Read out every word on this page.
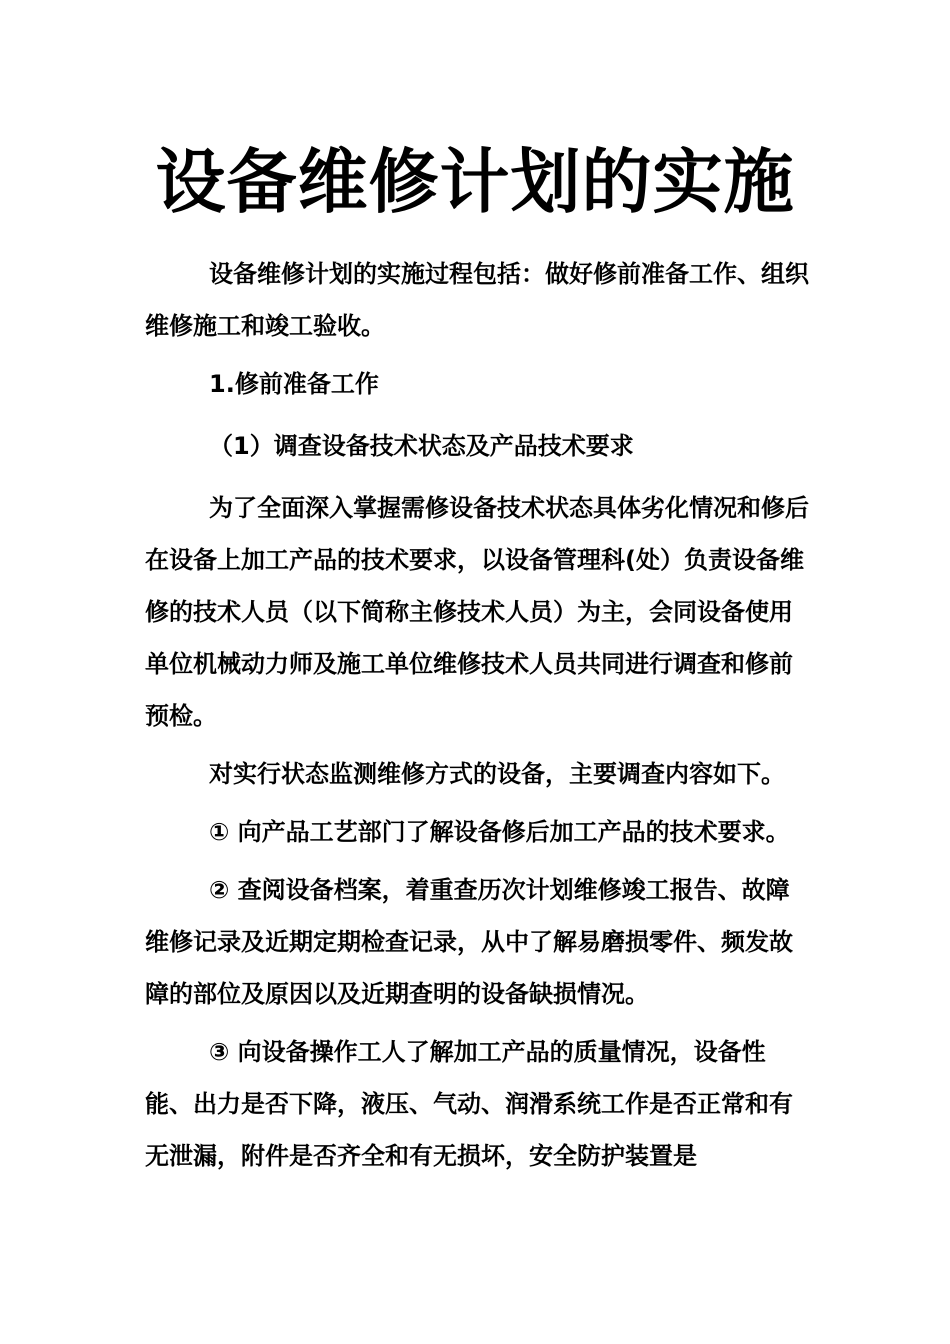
设备维修计划的实施

设备维修计划的实施过程包括：做好修前准备工作、组织维修施工和竣工验收。

1.修前准备工作

（1）调查设备技术状态及产品技术要求

为了全面深入掌握需修设备技术状态具体劣化情况和修后在设备上加工产品的技术要求，以设备管理科(处）负责设备维修的技术人员（以下简称主修技术人员）为主，会同设备使用单位机械动力师及施工单位维修技术人员共同进行调查和修前预检。

对实行状态监测维修方式的设备，主要调查内容如下。

① 向产品工艺部门了解设备修后加工产品的技术要求。

② 查阅设备档案，着重查历次计划维修竣工报告、故障维修记录及近期定期检查记录，从中了解易磨损零件、频发故障的部位及原因以及近期查明的设备缺损情况。

③ 向设备操作工人了解加工产品的质量情况，设备性能、出力是否下降，液压、气动、润滑系统工作是否正常和有无泄漏，附件是否齐全和有无损坏，安全防护装置是
